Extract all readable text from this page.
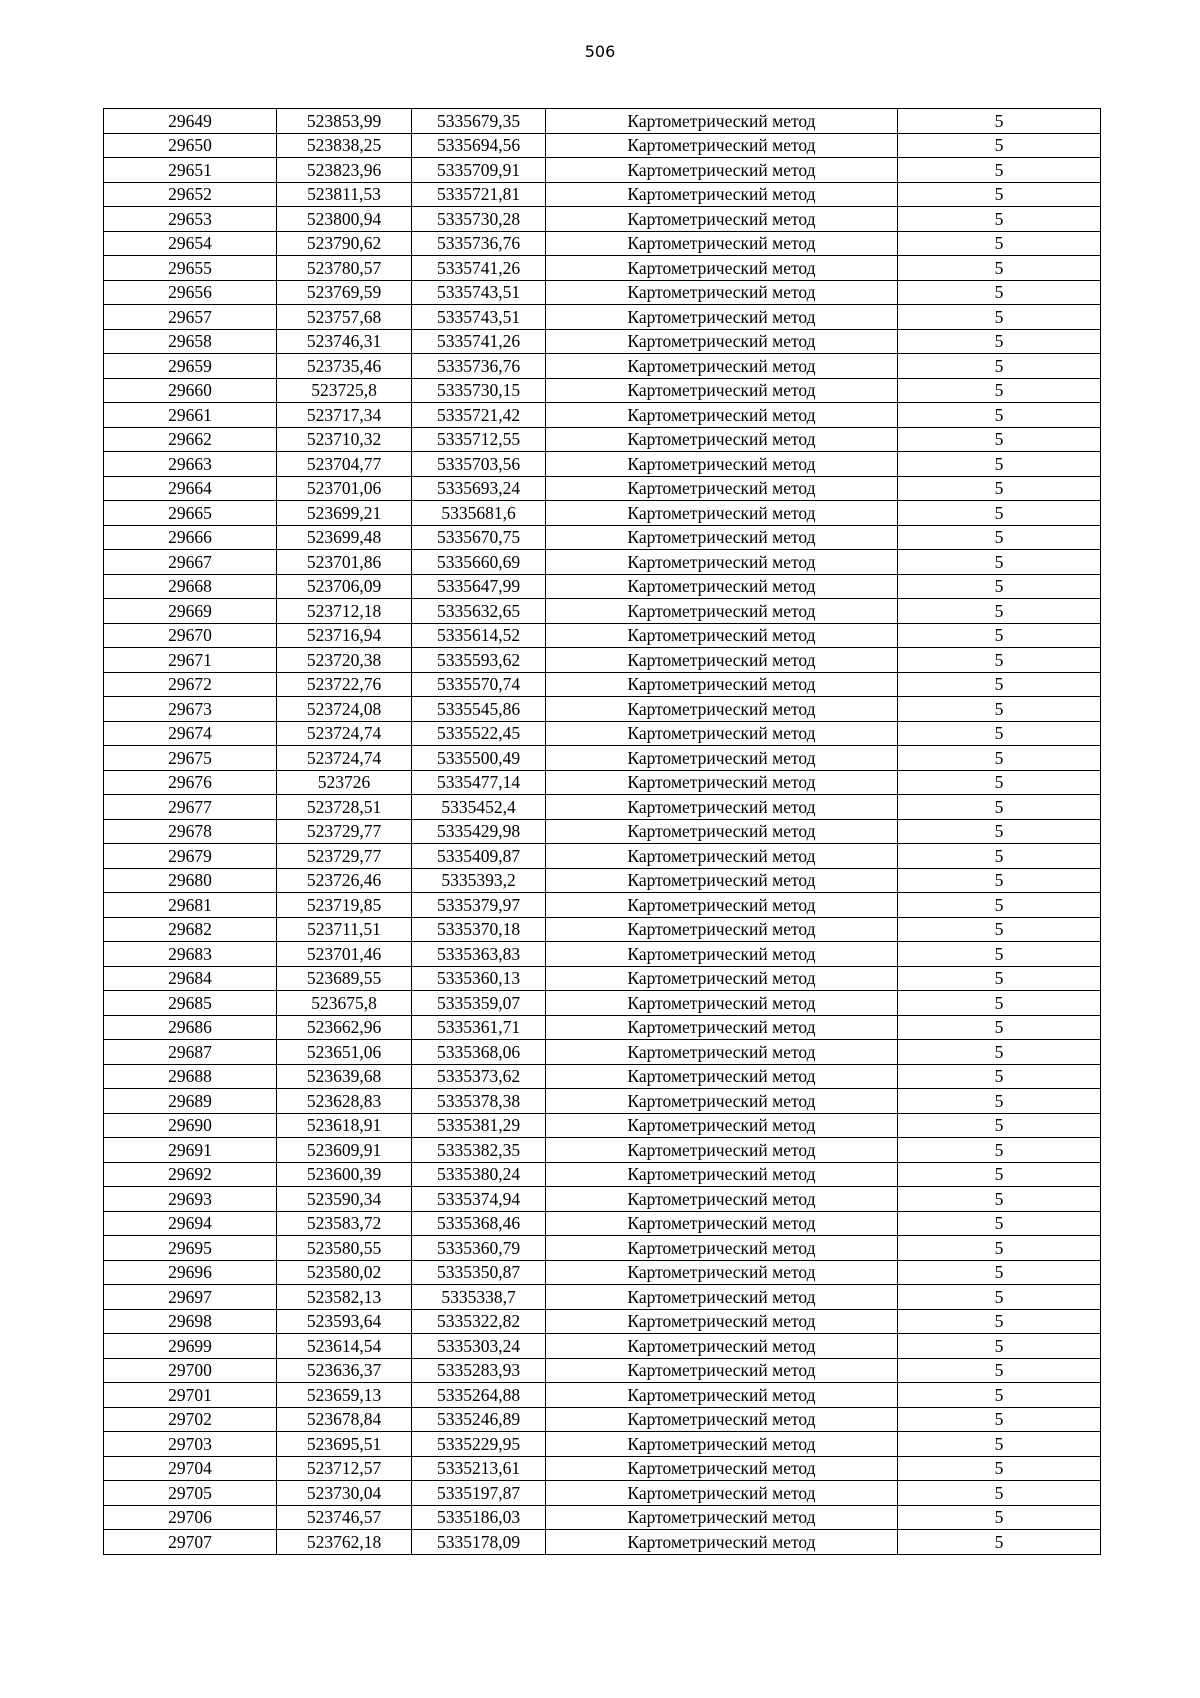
506
29649	523853,99	5335679,35	Картометрический метод	5
29650	523838,25	5335694,56	Картометрический метод	5
29651	523823,96	5335709,91	Картометрический метод	5
29652	523811,53	5335721,81	Картометрический метод	5
29653	523800,94	5335730,28	Картометрический метод	5
29654	523790,62	5335736,76	Картометрический метод	5
29655	523780,57	5335741,26	Картометрический метод	5
29656	523769,59	5335743,51	Картометрический метод	5
29657	523757,68	5335743,51	Картометрический метод	5
29658	523746,31	5335741,26	Картометрический метод	5
29659	523735,46	5335736,76	Картометрический метод	5
29660	523725,8	5335730,15	Картометрический метод	5
29661	523717,34	5335721,42	Картометрический метод	5
29662	523710,32	5335712,55	Картометрический метод	5
29663	523704,77	5335703,56	Картометрический метод	5
29664	523701,06	5335693,24	Картометрический метод	5
29665	523699,21	5335681,6	Картометрический метод	5
29666	523699,48	5335670,75	Картометрический метод	5
29667	523701,86	5335660,69	Картометрический метод	5
29668	523706,09	5335647,99	Картометрический метод	5
29669	523712,18	5335632,65	Картометрический метод	5
29670	523716,94	5335614,52	Картометрический метод	5
29671	523720,38	5335593,62	Картометрический метод	5
29672	523722,76	5335570,74	Картометрический метод	5
29673	523724,08	5335545,86	Картометрический метод	5
29674	523724,74	5335522,45	Картометрический метод	5
29675	523724,74	5335500,49	Картометрический метод	5
29676	523726	5335477,14	Картометрический метод	5
29677	523728,51	5335452,4	Картометрический метод	5
29678	523729,77	5335429,98	Картометрический метод	5
29679	523729,77	5335409,87	Картометрический метод	5
29680	523726,46	5335393,2	Картометрический метод	5
29681	523719,85	5335379,97	Картометрический метод	5
29682	523711,51	5335370,18	Картометрический метод	5
29683	523701,46	5335363,83	Картометрический метод	5
29684	523689,55	5335360,13	Картометрический метод	5
29685	523675,8	5335359,07	Картометрический метод	5
29686	523662,96	5335361,71	Картометрический метод	5
29687	523651,06	5335368,06	Картометрический метод	5
29688	523639,68	5335373,62	Картометрический метод	5
29689	523628,83	5335378,38	Картометрический метод	5
29690	523618,91	5335381,29	Картометрический метод	5
29691	523609,91	5335382,35	Картометрический метод	5
29692	523600,39	5335380,24	Картометрический метод	5
29693	523590,34	5335374,94	Картометрический метод	5
29694	523583,72	5335368,46	Картометрический метод	5
29695	523580,55	5335360,79	Картометрический метод	5
29696	523580,02	5335350,87	Картометрический метод	5
29697	523582,13	5335338,7	Картометрический метод	5
29698	523593,64	5335322,82	Картометрический метод	5
29699	523614,54	5335303,24	Картометрический метод	5
29700	523636,37	5335283,93	Картометрический метод	5
29701	523659,13	5335264,88	Картометрический метод	5
29702	523678,84	5335246,89	Картометрический метод	5
29703	523695,51	5335229,95	Картометрический метод	5
29704	523712,57	5335213,61	Картометрический метод	5
29705	523730,04	5335197,87	Картометрический метод	5
29706	523746,57	5335186,03	Картометрический метод	5
29707	523762,18	5335178,09	Картометрический метод	5
